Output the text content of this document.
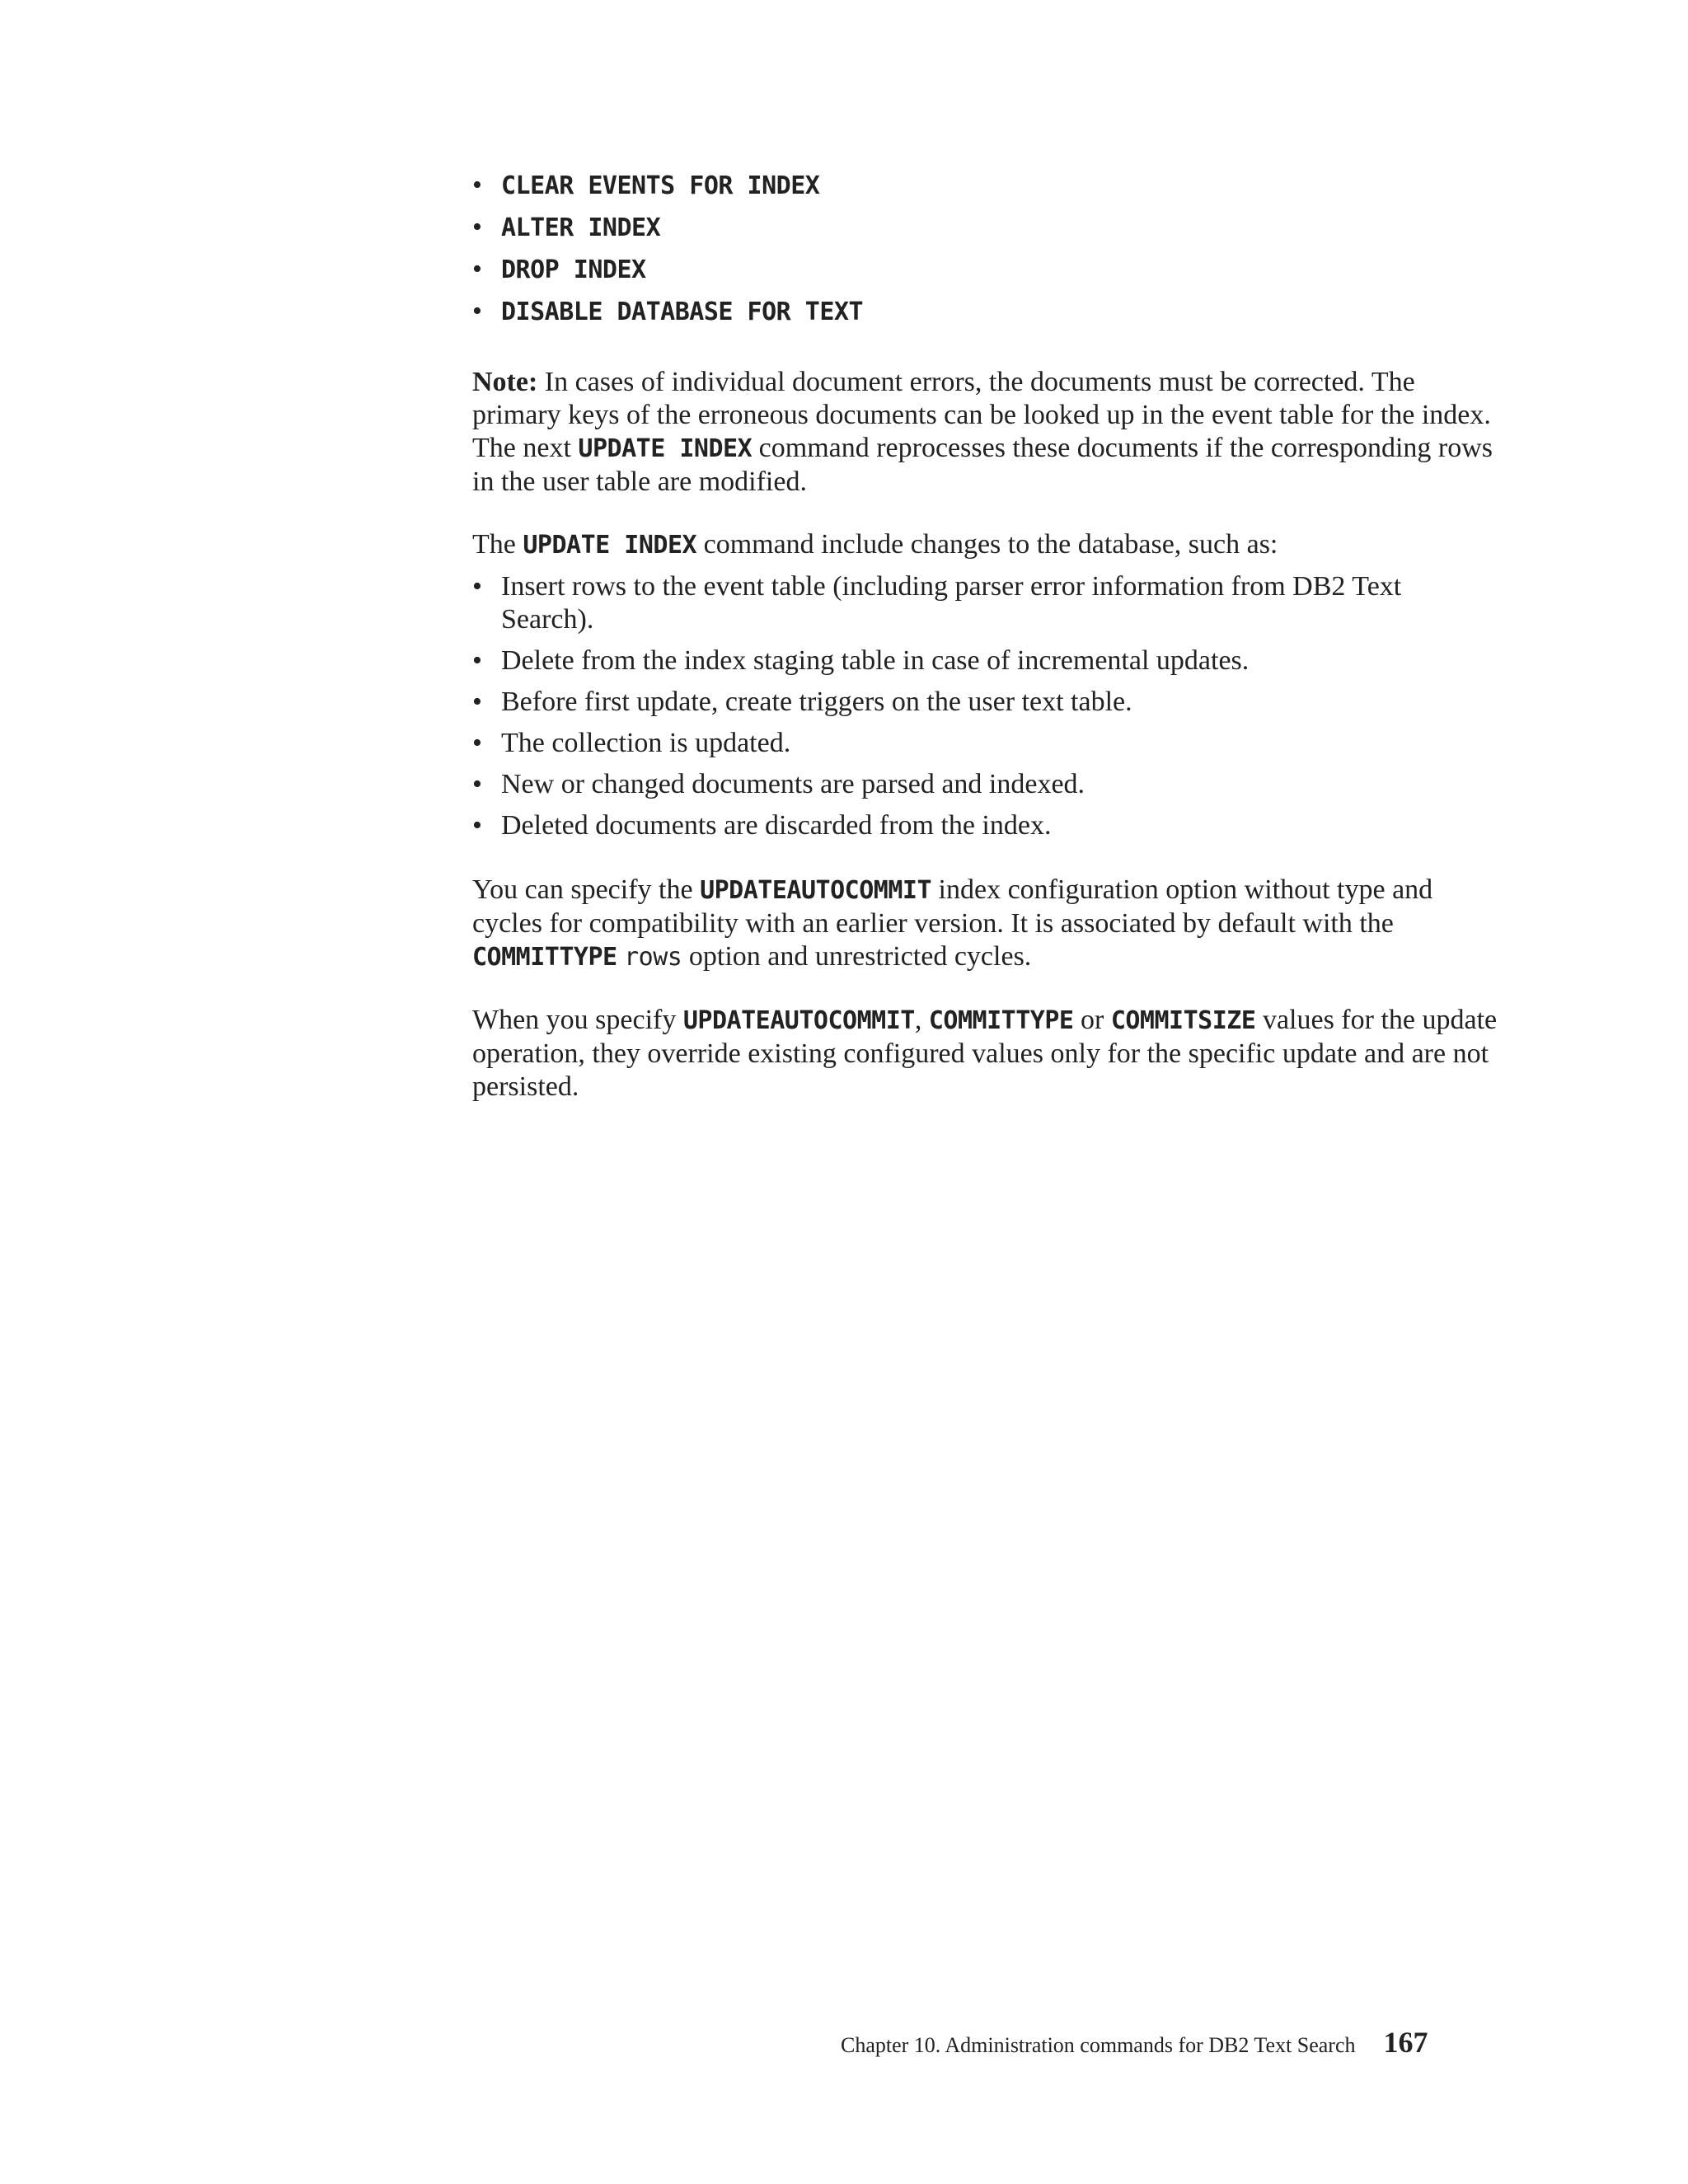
• CLEAR EVENTS FOR INDEX
• ALTER INDEX
• DROP INDEX
• DISABLE DATABASE FOR TEXT

Note: In cases of individual document errors, the documents must be corrected. The primary keys of the erroneous documents can be looked up in the event table for the index. The next UPDATE INDEX command reprocesses these documents if the corresponding rows in the user table are modified.

The UPDATE INDEX command include changes to the database, such as:

• Insert rows to the event table (including parser error information from DB2 Text Search).
• Delete from the index staging table in case of incremental updates.
• Before first update, create triggers on the user text table.
• The collection is updated.
• New or changed documents are parsed and indexed.
• Deleted documents are discarded from the index.

You can specify the UPDATEAUTOCOMMIT index configuration option without type and cycles for compatibility with an earlier version. It is associated by default with the COMMITTYPE rows option and unrestricted cycles.

When you specify UPDATEAUTOCOMMIT, COMMITTYPE or COMMITSIZE values for the update operation, they override existing configured values only for the specific update and are not persisted.

Chapter 10. Administration commands for DB2 Text Search 167
